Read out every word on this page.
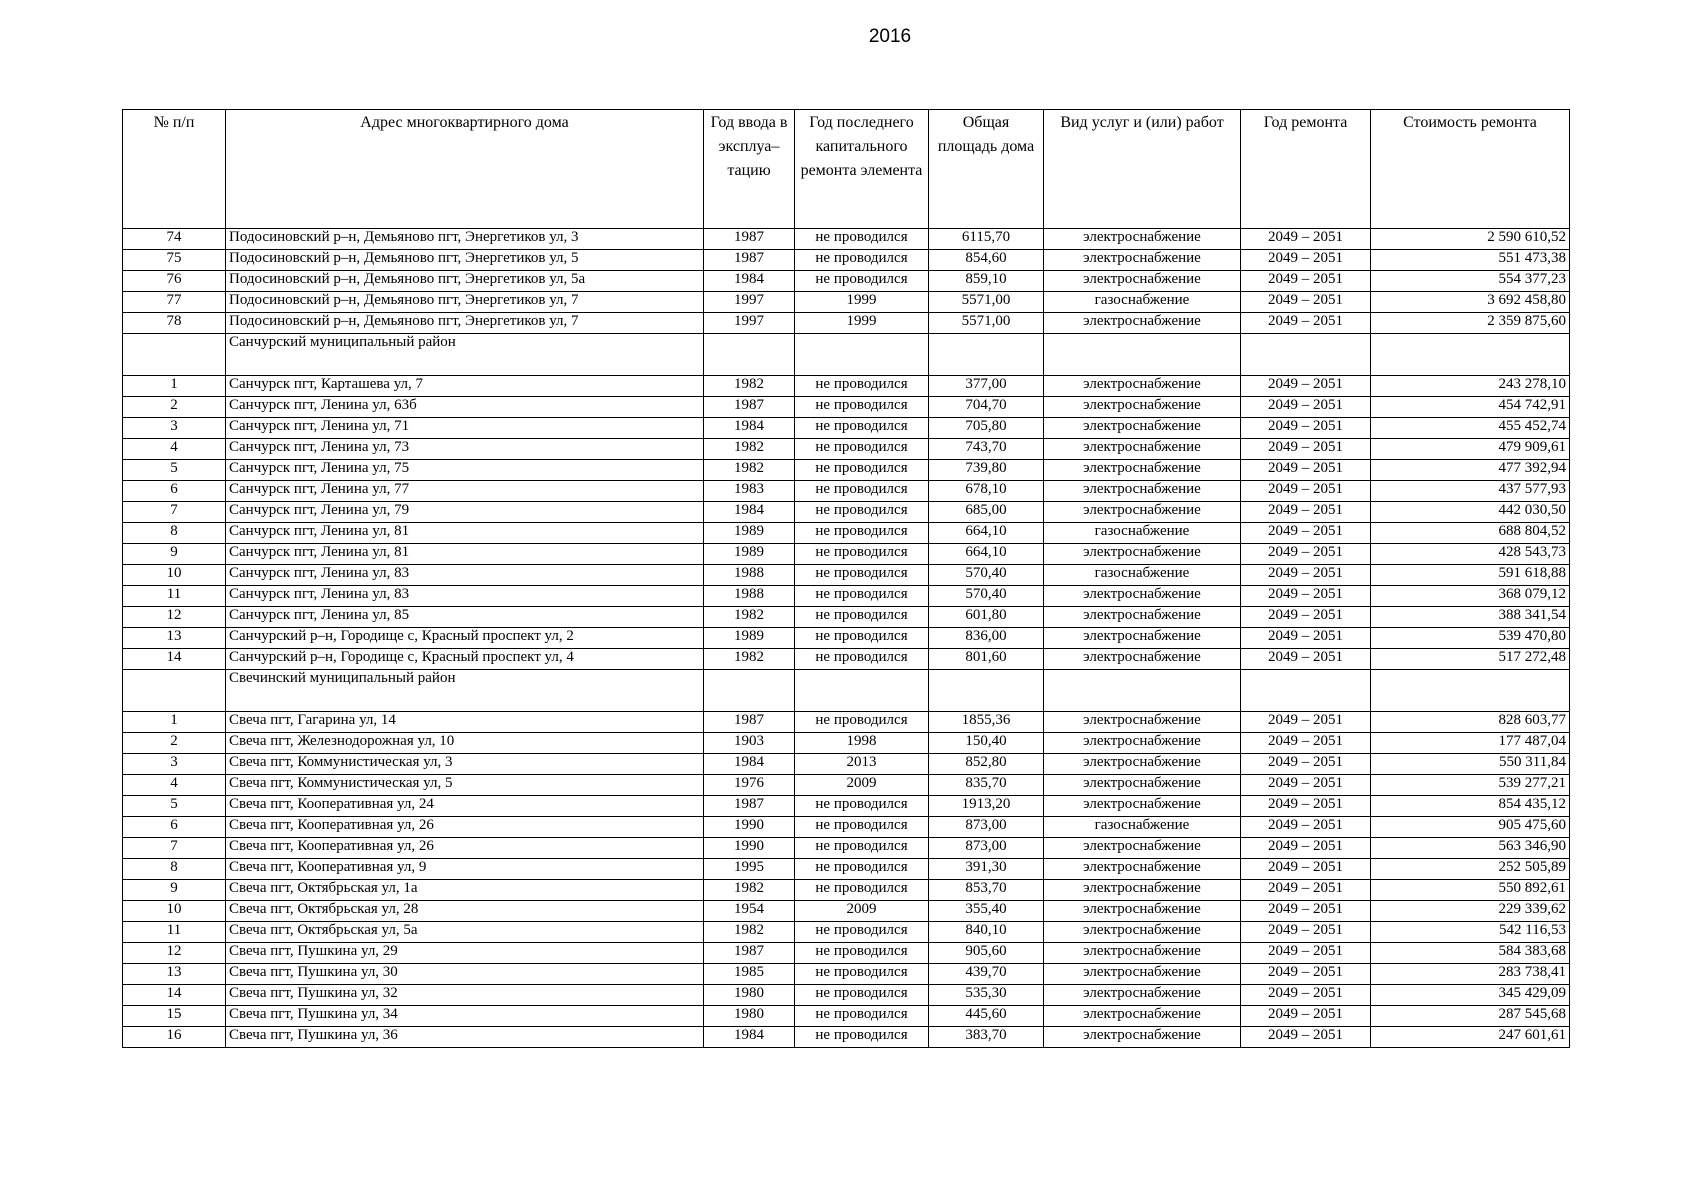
2016
№ п/п	Адрес многоквартирного дома	Год ввода в эксплуа–тацию	Год последнего капитального ремонта элемента	Общая площадь дома	Вид услуг и (или) работ	Год ремонта	Стоимость ремонта
74	Подосиновский р–н, Демьяново пгт, Энергетиков ул, 3	1987	не проводился	6115,70	электроснабжение	2049 – 2051	2 590 610,52
75	Подосиновский р–н, Демьяново пгт, Энергетиков ул, 5	1987	не проводился	854,60	электроснабжение	2049 – 2051	551 473,38
76	Подосиновский р–н, Демьяново пгт, Энергетиков ул, 5а	1984	не проводился	859,10	электроснабжение	2049 – 2051	554 377,23
77	Подосиновский р–н, Демьяново пгт, Энергетиков ул, 7	1997	1999	5571,00	газоснабжение	2049 – 2051	3 692 458,80
78	Подосиновский р–н, Демьяново пгт, Энергетиков ул, 7	1997	1999	5571,00	электроснабжение	2049 – 2051	2 359 875,60
	Санчурский муниципальный район						
1	Санчурск пгт, Карташева ул, 7	1982	не проводился	377,00	электроснабжение	2049 – 2051	243 278,10
2	Санчурск пгт, Ленина ул, 63б	1987	не проводился	704,70	электроснабжение	2049 – 2051	454 742,91
3	Санчурск пгт, Ленина ул, 71	1984	не проводился	705,80	электроснабжение	2049 – 2051	455 452,74
4	Санчурск пгт, Ленина ул, 73	1982	не проводился	743,70	электроснабжение	2049 – 2051	479 909,61
5	Санчурск пгт, Ленина ул, 75	1982	не проводился	739,80	электроснабжение	2049 – 2051	477 392,94
6	Санчурск пгт, Ленина ул, 77	1983	не проводился	678,10	электроснабжение	2049 – 2051	437 577,93
7	Санчурск пгт, Ленина ул, 79	1984	не проводился	685,00	электроснабжение	2049 – 2051	442 030,50
8	Санчурск пгт, Ленина ул, 81	1989	не проводился	664,10	газоснабжение	2049 – 2051	688 804,52
9	Санчурск пгт, Ленина ул, 81	1989	не проводился	664,10	электроснабжение	2049 – 2051	428 543,73
10	Санчурск пгт, Ленина ул, 83	1988	не проводился	570,40	газоснабжение	2049 – 2051	591 618,88
11	Санчурск пгт, Ленина ул, 83	1988	не проводился	570,40	электроснабжение	2049 – 2051	368 079,12
12	Санчурск пгт, Ленина ул, 85	1982	не проводился	601,80	электроснабжение	2049 – 2051	388 341,54
13	Санчурский р–н, Городище с, Красный проспект ул, 2	1989	не проводился	836,00	электроснабжение	2049 – 2051	539 470,80
14	Санчурский р–н, Городище с, Красный проспект ул, 4	1982	не проводился	801,60	электроснабжение	2049 – 2051	517 272,48
	Свечинский муниципальный район						
1	Свеча пгт, Гагарина ул, 14	1987	не проводился	1855,36	электроснабжение	2049 – 2051	828 603,77
2	Свеча пгт, Железнодорожная ул, 10	1903	1998	150,40	электроснабжение	2049 – 2051	177 487,04
3	Свеча пгт, Коммунистическая ул, 3	1984	2013	852,80	электроснабжение	2049 – 2051	550 311,84
4	Свеча пгт, Коммунистическая ул, 5	1976	2009	835,70	электроснабжение	2049 – 2051	539 277,21
5	Свеча пгт, Кооперативная ул, 24	1987	не проводился	1913,20	электроснабжение	2049 – 2051	854 435,12
6	Свеча пгт, Кооперативная ул, 26	1990	не проводился	873,00	газоснабжение	2049 – 2051	905 475,60
7	Свеча пгт, Кооперативная ул, 26	1990	не проводился	873,00	электроснабжение	2049 – 2051	563 346,90
8	Свеча пгт, Кооперативная ул, 9	1995	не проводился	391,30	электроснабжение	2049 – 2051	252 505,89
9	Свеча пгт, Октябрьская ул, 1а	1982	не проводился	853,70	электроснабжение	2049 – 2051	550 892,61
10	Свеча пгт, Октябрьская ул, 28	1954	2009	355,40	электроснабжение	2049 – 2051	229 339,62
11	Свеча пгт, Октябрьская ул, 5а	1982	не проводился	840,10	электроснабжение	2049 – 2051	542 116,53
12	Свеча пгт, Пушкина ул, 29	1987	не проводился	905,60	электроснабжение	2049 – 2051	584 383,68
13	Свеча пгт, Пушкина ул, 30	1985	не проводился	439,70	электроснабжение	2049 – 2051	283 738,41
14	Свеча пгт, Пушкина ул, 32	1980	не проводился	535,30	электроснабжение	2049 – 2051	345 429,09
15	Свеча пгт, Пушкина ул, 34	1980	не проводился	445,60	электроснабжение	2049 – 2051	287 545,68
16	Свеча пгт, Пушкина ул, 36	1984	не проводился	383,70	электроснабжение	2049 – 2051	247 601,61
